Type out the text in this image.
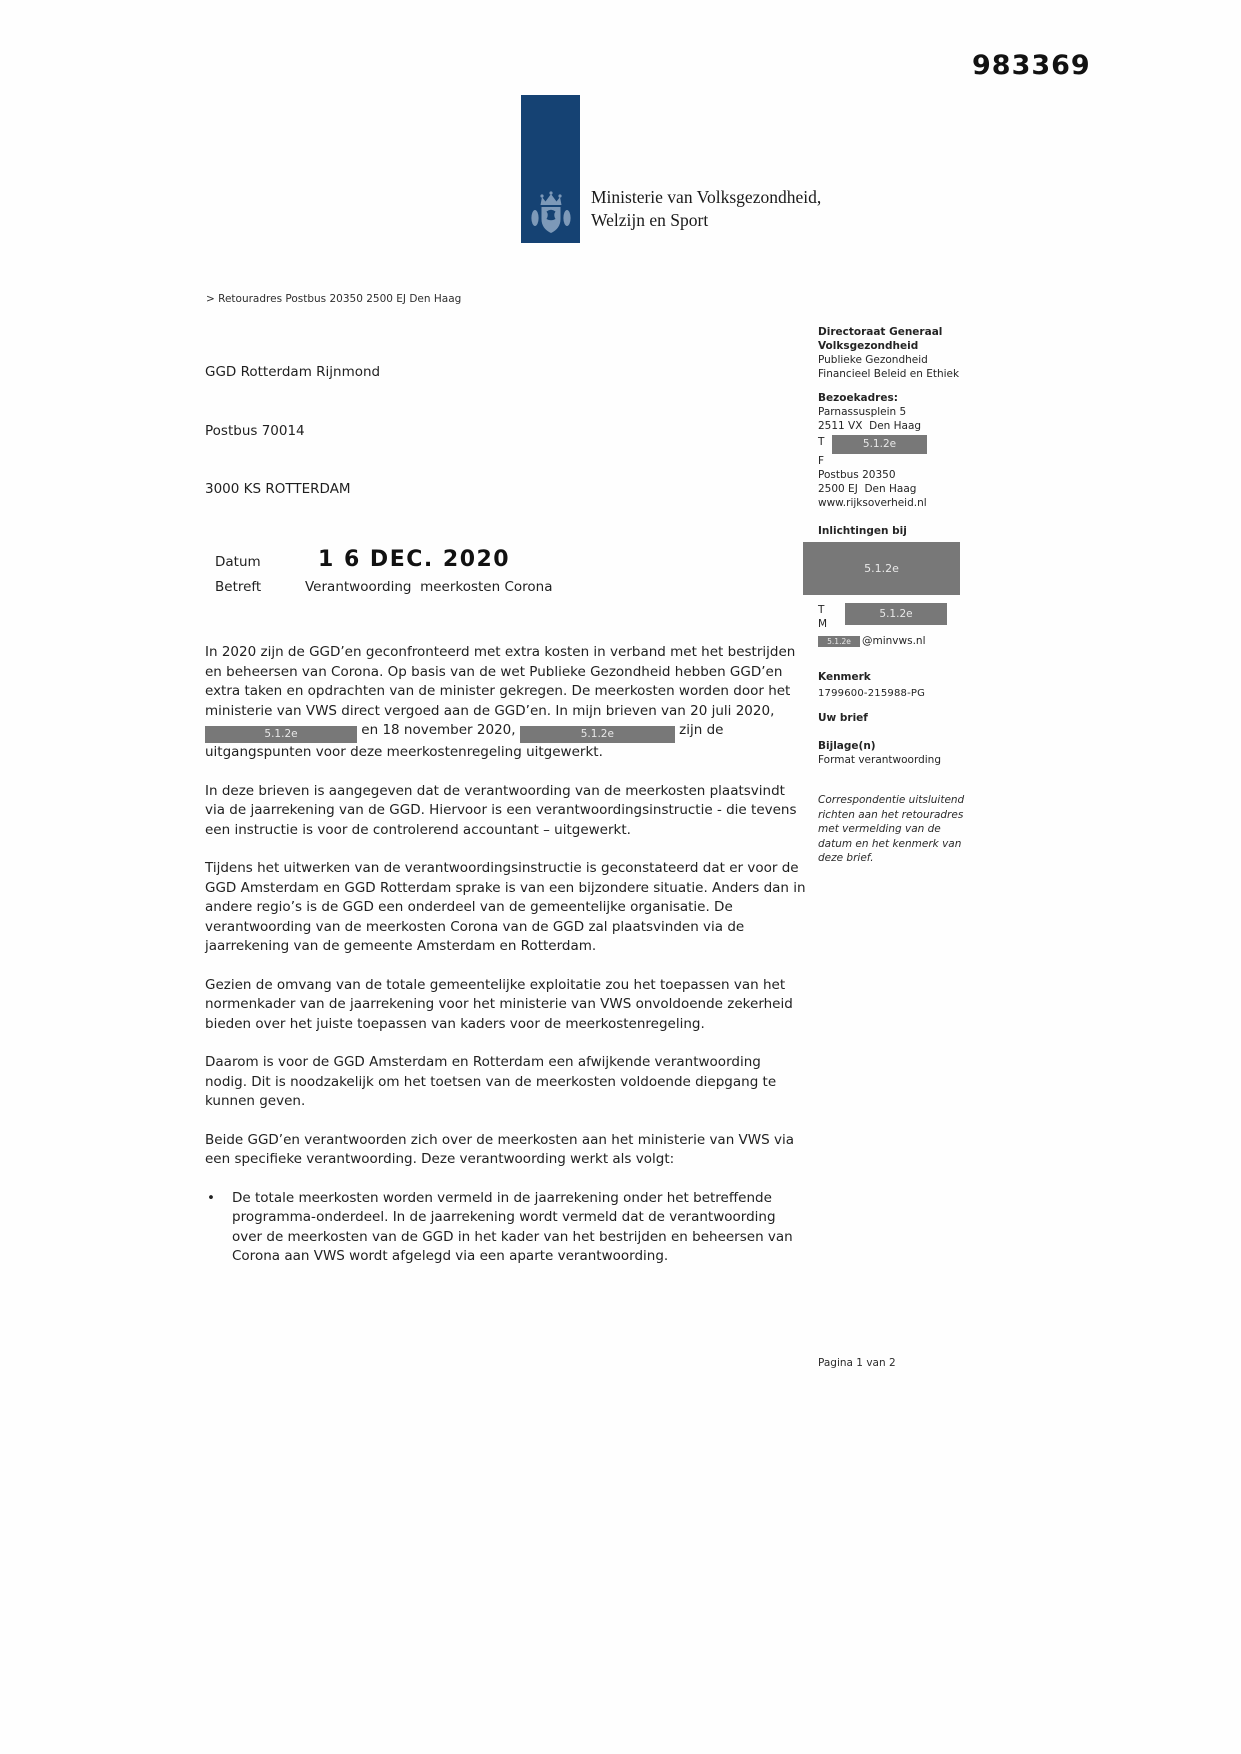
983369
Ministerie van Volksgezondheid,
Welzijn en Sport
> Retouradres Postbus 20350 2500 EJ Den Haag

GGD Rotterdam Rijnmond

Postbus 70014

3000 KS ROTTERDAM

Directoraat Generaal
Volksgezondheid
Publieke Gezondheid
Financieel Beleid en Ethiek
Bezoekadres:
Parnassusplein 5
2511 VX  Den Haag
T	5.1.2e
F
Postbus 20350
2500 EJ  Den Haag
www.rijksoverheid.nl
Inlichtingen bij
5.1.2e
T
M
5.1.2e
5.1.2e	@minvws.nl
Kenmerk
1799600-215988-PG
Uw brief
Bijlage(n)
Format verantwoording
Correspondentie uitsluitend richten aan het retouradres met vermelding van de datum en het kenmerk van deze brief.
Datum	1 6 DEC. 2020
Betreft	Verantwoording  meerkosten Corona

In 2020 zijn de GGD’en geconfronteerd met extra kosten in verband met het bestrijden en beheersen van Corona. Op basis van de wet Publieke Gezondheid hebben GGD’en extra taken en opdrachten van de minister gekregen. De meerkosten worden door het ministerie van VWS direct vergoed aan de GGD’en. In mijn brieven van 20 juli 2020, 5.1.2e	en 18 november 2020,	5.1.2e	zijn de uitgangspunten voor deze meerkostenregeling uitgewerkt.

In deze brieven is aangegeven dat de verantwoording van de meerkosten plaatsvindt via de jaarrekening van de GGD. Hiervoor is een verantwoordingsinstructie - die tevens een instructie is voor de controlerend accountant – uitgewerkt.

Tijdens het uitwerken van de verantwoordingsinstructie is geconstateerd dat er voor de GGD Amsterdam en GGD Rotterdam sprake is van een bijzondere situatie. Anders dan in andere regio’s is de GGD een onderdeel van de gemeentelijke organisatie. De verantwoording van de meerkosten Corona van de GGD zal plaatsvinden via de jaarrekening van de gemeente Amsterdam en Rotterdam.

Gezien de omvang van de totale gemeentelijke exploitatie zou het toepassen van het normenkader van de jaarrekening voor het ministerie van VWS onvoldoende zekerheid bieden over het juiste toepassen van kaders voor de meerkostenregeling.

Daarom is voor de GGD Amsterdam en Rotterdam een afwijkende verantwoording nodig. Dit is noodzakelijk om het toetsen van de meerkosten voldoende diepgang te kunnen geven.

Beide GGD’en verantwoorden zich over de meerkosten aan het ministerie van VWS via een specifieke verantwoording. Deze verantwoording werkt als volgt:

• De totale meerkosten worden vermeld in de jaarrekening onder het betreffende programma-onderdeel. In de jaarrekening wordt vermeld dat de verantwoording over de meerkosten van de GGD in het kader van het bestrijden en beheersen van Corona aan VWS wordt afgelegd via een aparte verantwoording.
Pagina 1 van 2
